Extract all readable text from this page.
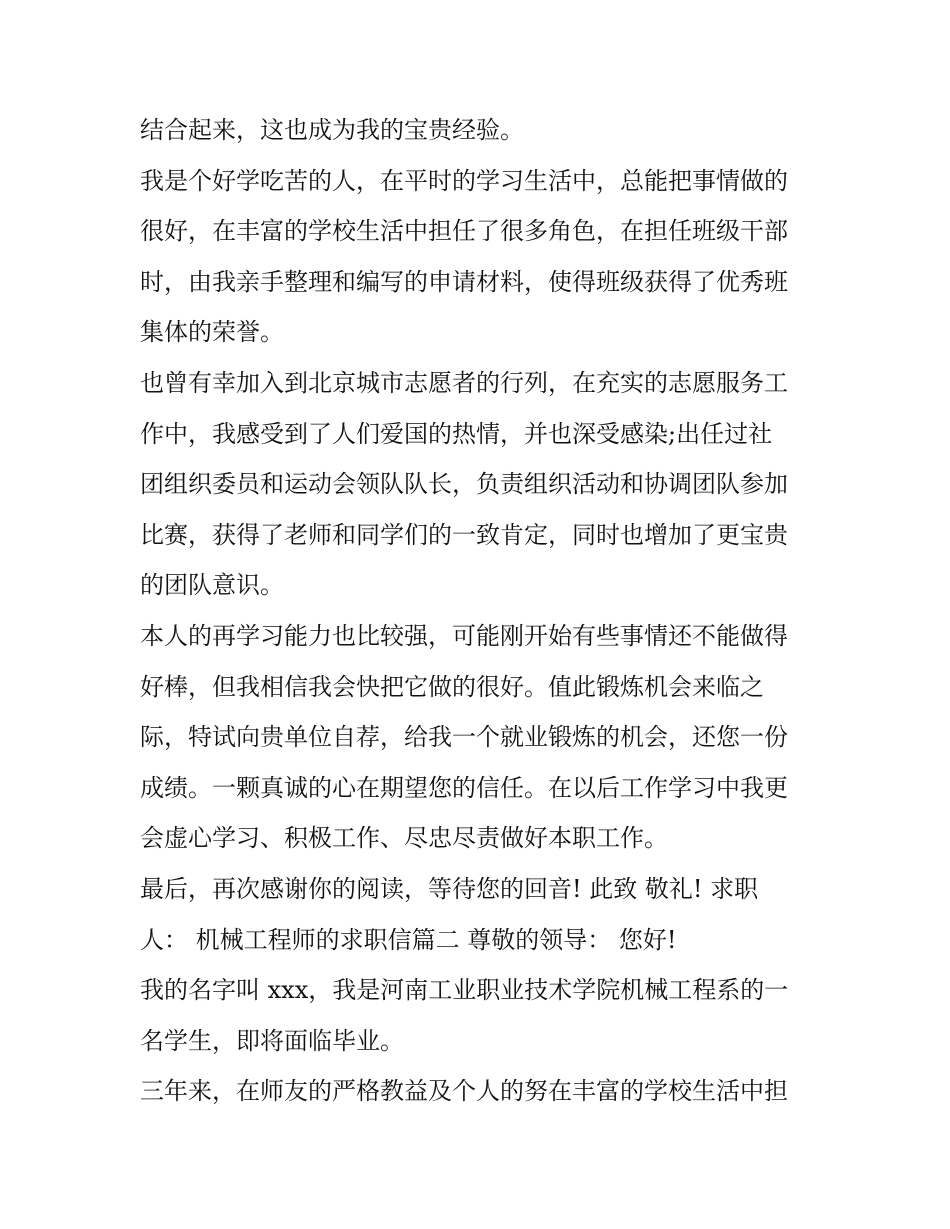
结合起来，这也成为我的宝贵经验。

我是个好学吃苦的人，在平时的学习生活中，总能把事情做的

很好，在丰富的学校生活中担任了很多角色，在担任班级干部

时，由我亲手整理和编写的申请材料，使得班级获得了优秀班

集体的荣誉。

也曾有幸加入到北京城市志愿者的行列，在充实的志愿服务工

作中，我感受到了人们爱国的热情，并也深受感染;出任过社

团组织委员和运动会领队队长，负责组织活动和协调团队参加

比赛，获得了老师和同学们的一致肯定，同时也增加了更宝贵

的团队意识。

本人的再学习能力也比较强，可能刚开始有些事情还不能做得

好棒，但我相信我会快把它做的很好。值此锻炼机会来临之

际，特试向贵单位自荐，给我一个就业锻炼的机会，还您一份

成绩。一颗真诚的心在期望您的信任。在以后工作学习中我更

会虚心学习、积极工作、尽忠尽责做好本职工作。

最后，再次感谢你的阅读，等待您的回音! 此致 敬礼! 求职

人： 机械工程师的求职信篇二 尊敬的领导： 您好!

我的名字叫 xxx，我是河南工业职业技术学院机械工程系的一

名学生，即将面临毕业。

三年来，在师友的严格教益及个人的努在丰富的学校生活中担
